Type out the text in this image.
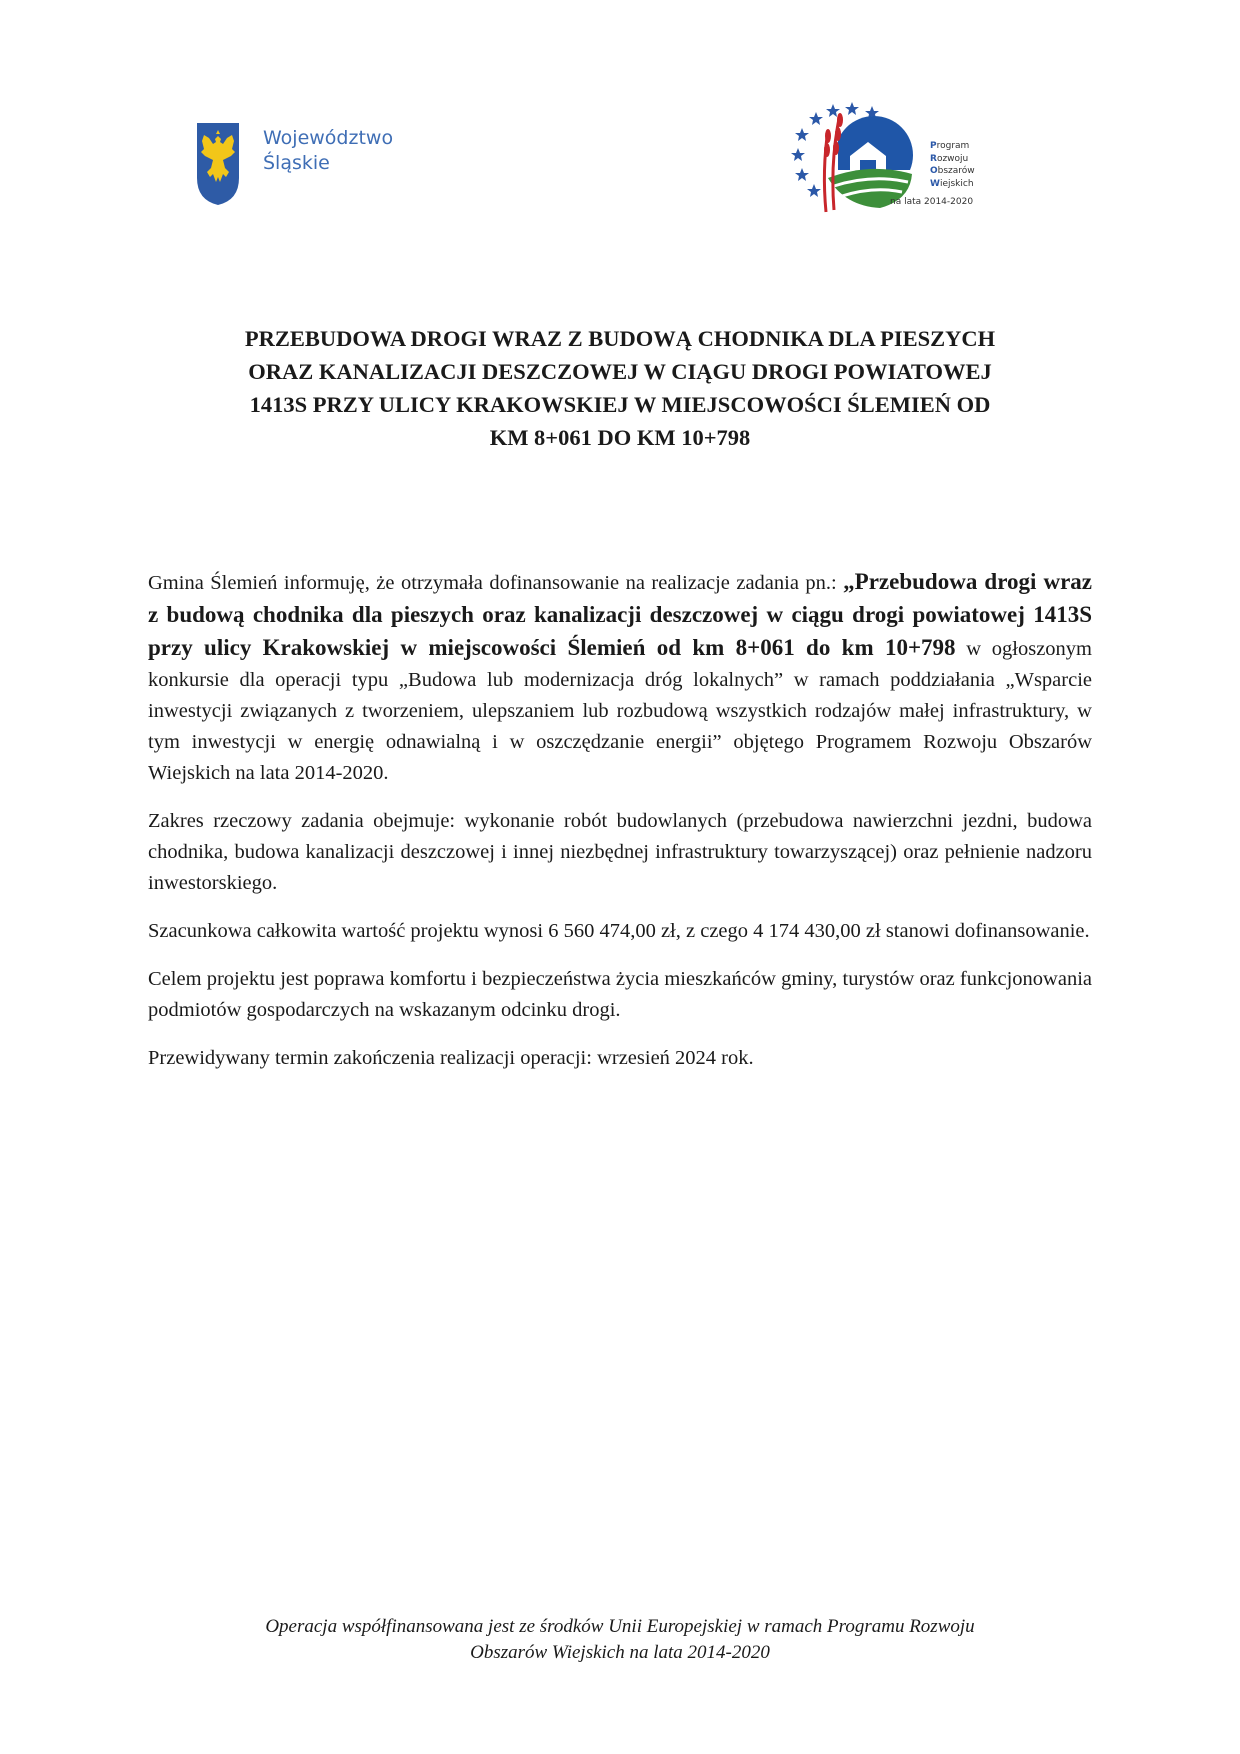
Województwo
Śląskie
Program
Rozwoju
Obszarów
Wiejskich
na lata 2014-2020
PRZEBUDOWA DROGI WRAZ Z BUDOWĄ CHODNIKA DLA PIESZYCH
ORAZ KANALIZACJI DESZCZOWEJ W CIĄGU DROGI POWIATOWEJ
1413S PRZY ULICY KRAKOWSKIEJ W MIEJSCOWOŚCI ŚLEMIEŃ OD
KM 8+061 DO KM 10+798

Gmina Ślemień informuję, że otrzymała dofinansowanie na realizacje zadania pn.: „Przebudowa drogi wraz z budową chodnika dla pieszych oraz kanalizacji deszczowej w ciągu drogi powiatowej 1413S przy ulicy Krakowskiej w miejscowości Ślemień od km 8+061 do km 10+798 w ogłoszonym konkursie dla operacji typu „Budowa lub modernizacja dróg lokalnych” w ramach poddziałania „Wsparcie inwestycji związanych z tworzeniem, ulepszaniem lub rozbudową wszystkich rodzajów małej infrastruktury, w tym inwestycji w energię odnawialną i w oszczędzanie energii” objętego Programem Rozwoju Obszarów Wiejskich na lata 2014-2020.

Zakres rzeczowy zadania obejmuje: wykonanie robót budowlanych (przebudowa nawierzchni jezdni, budowa chodnika, budowa kanalizacji deszczowej i innej niezbędnej infrastruktury towarzyszącej) oraz pełnienie nadzoru inwestorskiego.

Szacunkowa całkowita wartość projektu wynosi 6 560 474,00 zł, z czego 4 174 430,00 zł stanowi dofinansowanie.

Celem projektu jest poprawa komfortu i bezpieczeństwa życia mieszkańców gminy, turystów oraz funkcjonowania podmiotów gospodarczych na wskazanym odcinku drogi.

Przewidywany termin zakończenia realizacji operacji: wrzesień 2024 rok.

Operacja współfinansowana jest ze środków Unii Europejskiej w ramach Programu Rozwoju
Obszarów Wiejskich na lata 2014-2020
